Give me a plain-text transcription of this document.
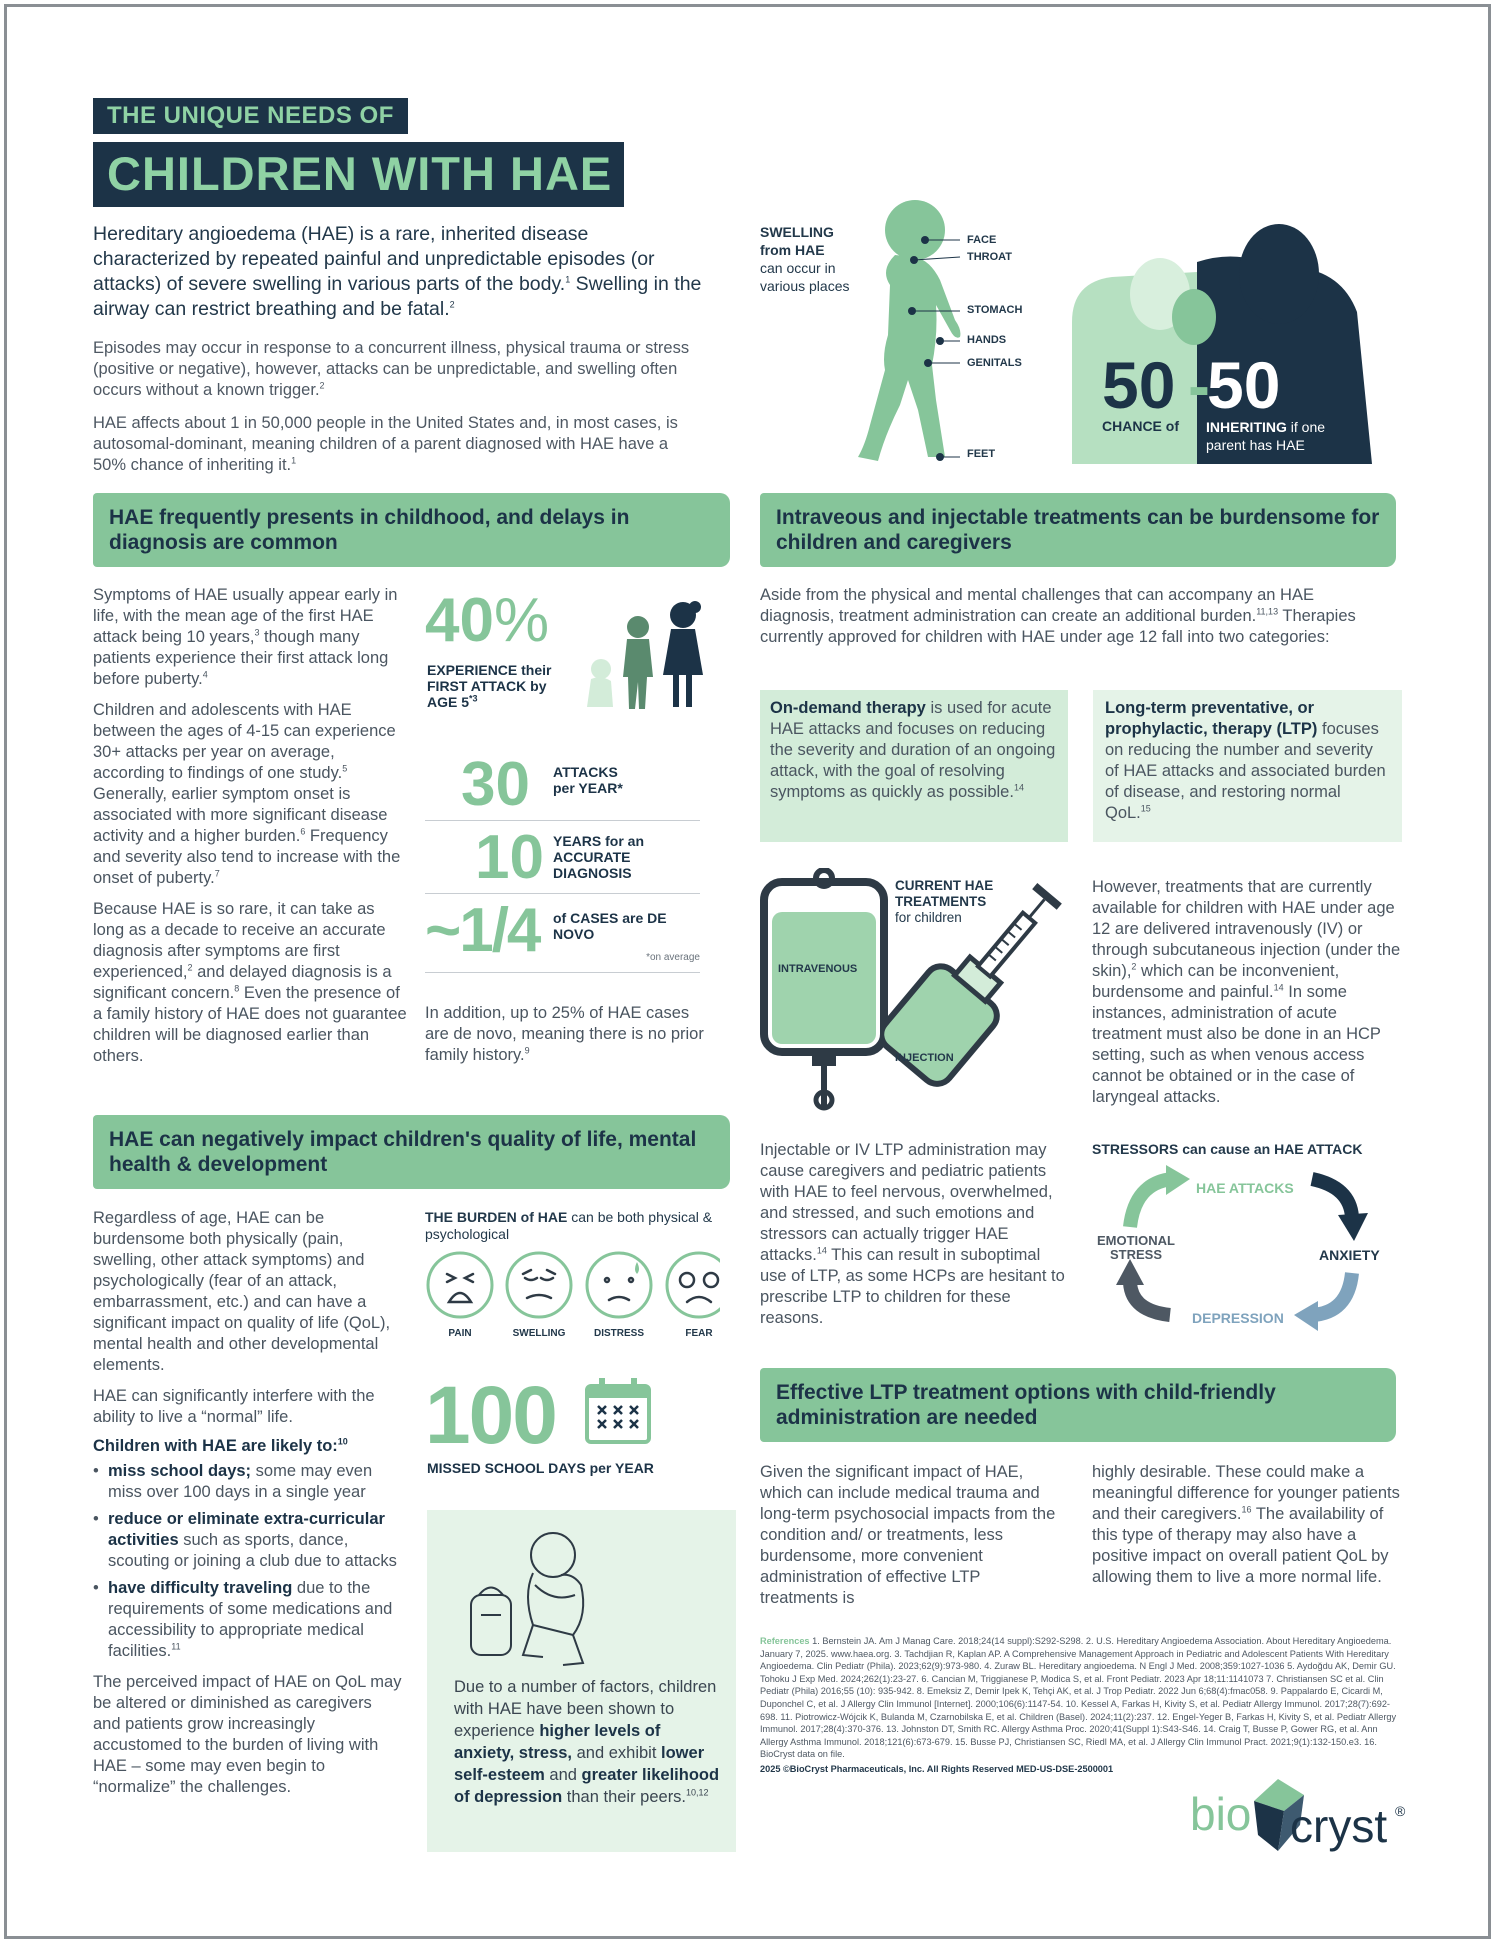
THE UNIQUE NEEDS OF
CHILDREN WITH HAE
Hereditary angioedema (HAE) is a rare, inherited disease characterized by repeated painful and unpredictable episodes (or attacks) of severe swelling in various parts of the body.$^1$ Swelling in the airway can restrict breathing and be fatal.$^2$
Episodes may occur in response to a concurrent illness, physical trauma or stress (positive or negative), however, attacks can be unpredictable, and swelling often occurs without a known trigger.$^2$
HAE affects about 1 in 50,000 people in the United States and, in most cases, is autosomal-dominant, meaning children of a parent diagnosed with HAE have a 50% chance of inheriting it.$^1$
SWELLING from HAE can occur in various places
FACE
THROAT
STOMACH
HANDS
GENITALS
FEET
50 -
50
CHANCE of INHERITING if one parent has HAE
HAE frequently presents in childhood, and delays in diagnosis are common
Symptoms of HAE usually appear early in life, with the mean age of the first HAE attack being 10 years,$^3$ though many patients experience their first attack long before puberty.$^4$
Children and adolescents with HAE between the ages of 4-15 can experience 30+ attacks per year on average, according to findings of one study.$^5$ Generally, earlier symptom onset is associated with more significant disease activity and a higher burden.$^6$ Frequency and severity also tend to increase with the onset of puberty.$^7$
Because HAE is so rare, it can take as long as a decade to receive an accurate diagnosis after symptoms are first experienced,$^2$ and delayed diagnosis is a significant concern.$^8$ Even the presence of a family history of HAE does not guarantee children will be diagnosed earlier than others.
40%
EXPERIENCE their FIRST ATTACK by AGE 5$^{*3}$
30 ATTACKS
per YEAR*
10 YEARS for an ACCURATE DIAGNOSIS
~1/4 of CASES are DE NOVO
*on average
In addition, up to 25% of HAE cases are de novo, meaning there is no prior family history.$^9$
Intraveous and injectable treatments can be burdensome for children and caregivers
Aside from the physical and mental challenges that can accompany an HAE diagnosis, treatment administration can create an additional burden.$^{11,13}$ Therapies currently approved for children with HAE under age 12 fall into two categories:
On-demand therapy is used for acute HAE attacks and focuses on reducing the severity and duration of an ongoing attack, with the goal of resolving symptoms as quickly as possible.$^{14}$
Long-term preventative, or prophylactic, therapy (LTP) focuses on reducing the number and severity of HAE attacks and associated burden of disease, and restoring normal QoL.$^{15}$
INTRAVENOUS
INJECTION
CURRENT HAE TREATMENTS
for children
However, treatments that are currently available for children with HAE under age 12 are delivered intravenously (IV) or through subcutaneous injection (under the skin),$^2$ which can be inconvenient, burdensome and painful.$^{14}$ In some instances, administration of acute treatment must also be done in an HCP setting, such as when venous access cannot be obtained or in the case of laryngeal attacks.
Injectable or IV LTP administration may cause caregivers and pediatric patients with HAE to feel nervous, overwhelmed, and stressed, and such emotions and stressors can actually trigger HAE attacks.$^{14}$ This can result in suboptimal use of LTP, as some HCPs are hesitant to prescribe LTP to children for these reasons.
STRESSORS can cause an HAE ATTACK
HAE ATTACKS
ANXIETY
DEPRESSION
EMOTIONAL STRESS
HAE can negatively impact children's quality of life, mental health & development
Regardless of age, HAE can be burdensome both physically (pain, swelling, other attack symptoms) and psychologically (fear of an attack, embarrassment, etc.) and can have a significant impact on quality of life (QoL), mental health and other developmental elements.
HAE can significantly interfere with the ability to live a “normal” life.
Children with HAE are likely to:$^{10}$
• miss school days; some may even miss over 100 days in a single year
• reduce or eliminate extra-curricular activities such as sports, dance, scouting or joining a club due to attacks
• have difficulty traveling due to the requirements of some medications and accessibility to appropriate medical facilities.$^{11}$
The perceived impact of HAE on QoL may be altered or diminished as caregivers and patients grow increasingly accustomed to the burden of living with HAE – some may even begin to “normalize” the challenges.
THE BURDEN of HAE can be both physical & psychological
PAIN	SWELLING	DISTRESS	FEAR
100
MISSED SCHOOL DAYS per YEAR
Due to a number of factors, children with HAE have been shown to experience higher levels of anxiety, stress, and exhibit lower self-esteem and greater likelihood of depression than their peers.$^{10,12}$
Effective LTP treatment options with child-friendly administration are needed
Given the significant impact of HAE, which can include medical trauma and long-term psychosocial impacts from the condition and/ or treatments, less burdensome, more convenient administration of effective LTP treatments is
highly desirable. These could make a meaningful difference for younger patients and their caregivers.$^{16}$ The availability of this type of therapy may also have a positive impact on overall patient QoL by allowing them to live a more normal life.
References 1. Bernstein JA. Am J Manag Care. 2018;24(14 suppl):S292-S298. 2. U.S. Hereditary Angioedema Association. About Hereditary Angioedema. January 7, 2025. www.haea.org. 3. Tachdjian R, Kaplan AP. A Comprehensive Management Approach in Pediatric and Adolescent Patients With Hereditary Angioedema. Clin Pediatr (Phila). 2023;62(9):973-980. 4. Zuraw BL. Hereditary angioedema. N Engl J Med. 2008;359:1027-1036 5. Aydoğdu AK, Demir GU. Tohoku J Exp Med. 2024;262(1):23-27. 6. Cancian M, Triggianese P, Modica S, et al. Front Pediatr. 2023 Apr 18;11:1141073 7. Christiansen SC et al. Clin Pediatr (Phila) 2016;55 (10): 935-942. 8. Emeksiz Z, Demir Ipek K, Tehçi AK, et al. J Trop Pediatr. 2022 Jun 6;68(4):fmac058. 9. Pappalardo E, Cicardi M, Duponchel C, et al. J Allergy Clin Immunol [Internet]. 2000;106(6):1147-54. 10. Kessel A, Farkas H, Kivity S, et al. Pediatr Allergy Immunol. 2017;28(7):692-698. 11. Piotrowicz-Wójcik K, Bulanda M, Czarnobilska E, et al. Children (Basel). 2024;11(2):237. 12. Engel-Yeger B, Farkas H, Kivity S, et al. Pediatr Allergy Immunol. 2017;28(4):370-376. 13. Johnston DT, Smith RC. Allergy Asthma Proc. 2020;41(Suppl 1):S43-S46. 14. Craig T, Busse P, Gower RG, et al. Ann Allergy Asthma Immunol. 2018;121(6):673-679. 15. Busse PJ, Christiansen SC, Riedl MA, et al. J Allergy Clin Immunol Pract. 2021;9(1):132-150.e3. 16. BioCryst data on file.
2025 ©BioCryst Pharmaceuticals, Inc. All Rights Reserved MED-US-DSE-2500001
bio cryst ®
